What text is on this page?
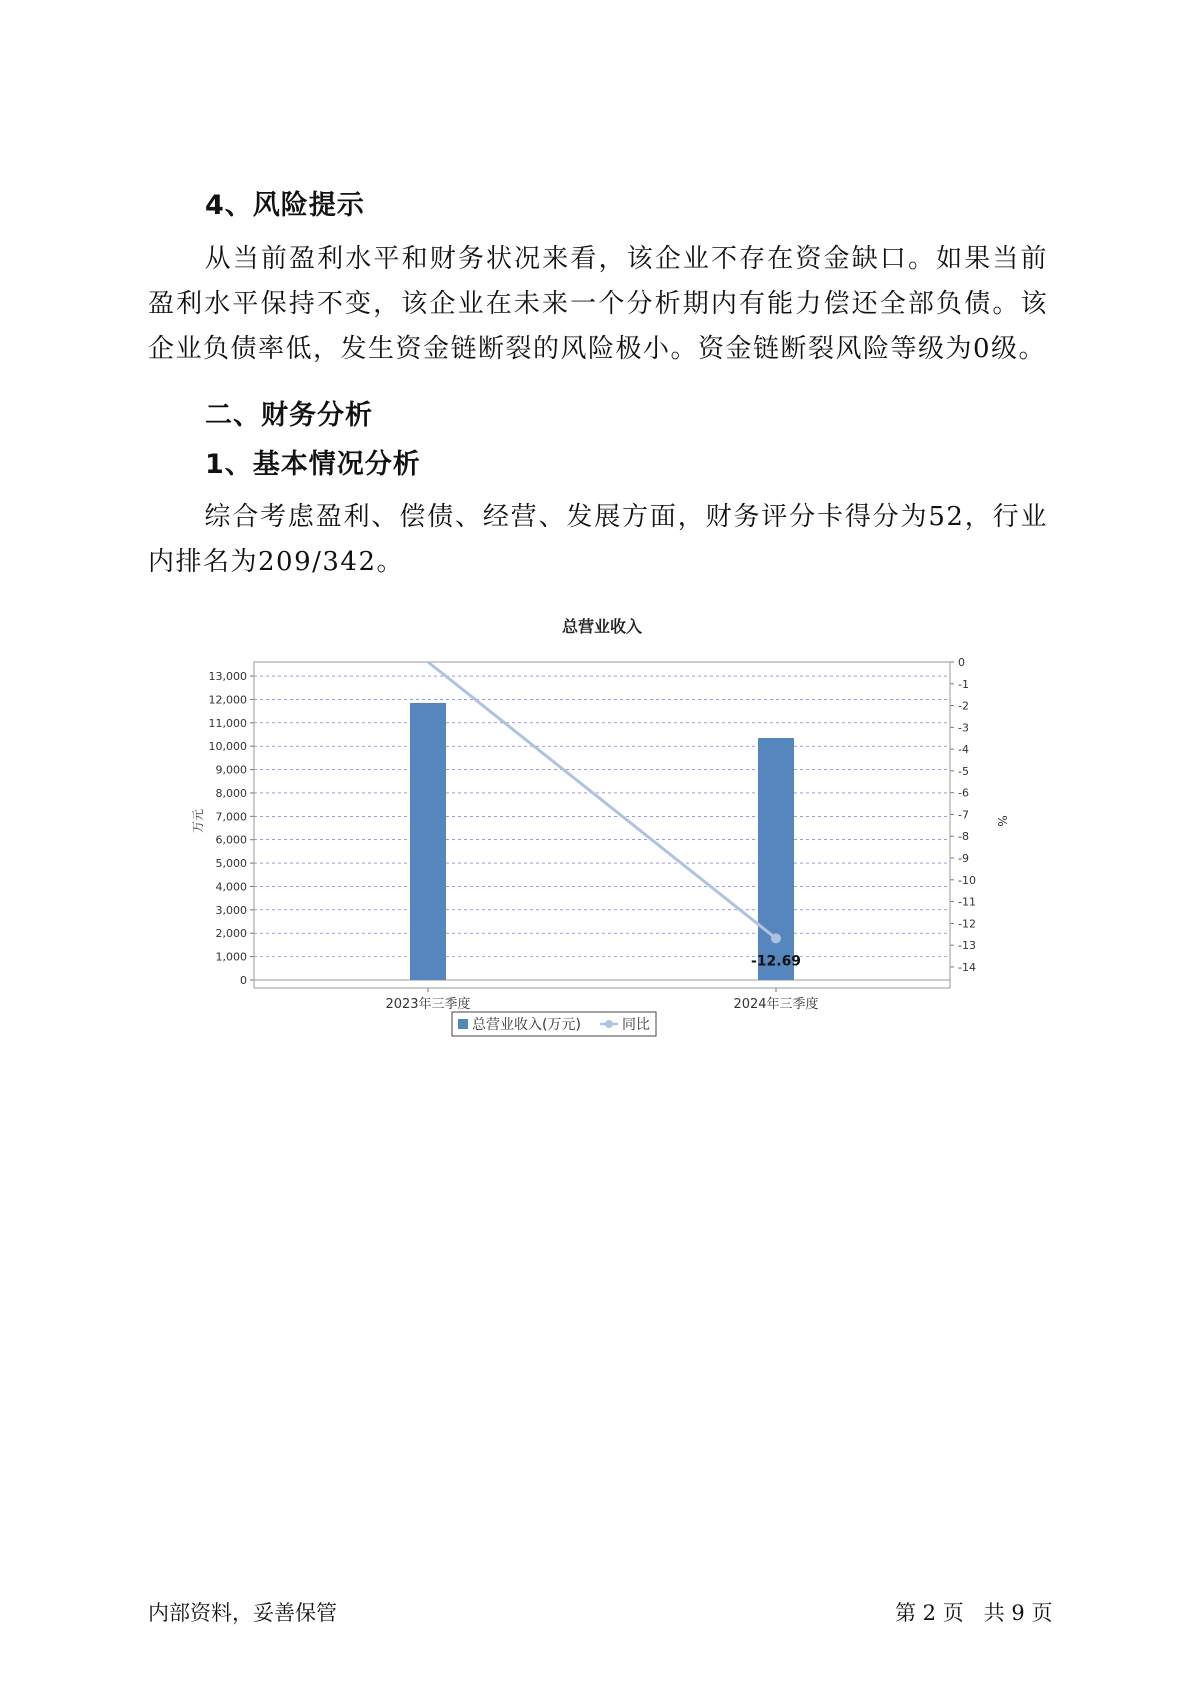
4、风险提示
从当前盈利水平和财务状况来看，该企业不存在资金缺口。如果当前盈利水平保持不变，该企业在未来一个分析期内有能力偿还全部负债。该企业负债率低，发生资金链断裂的风险极小。资金链断裂风险等级为0级。
二、财务分析
1、基本情况分析
综合考虑盈利、偿债、经营、发展方面，财务评分卡得分为52，行业内排名为209/342。
总营业收入
0
1,000
2,000
3,000
4,000
5,000
6,000
7,000
8,000
9,000
10,000
11,000
12,000
13,000
0
-1
-2
-3
-4
-5
-6
-7
-8
-9
-10
-11
-12
-13
-14
万元	%
2023年三季度	2024年三季度
-12.69
总营业收入(万元)	同比
内部资料，妥善保管	第 2 页   共 9 页
